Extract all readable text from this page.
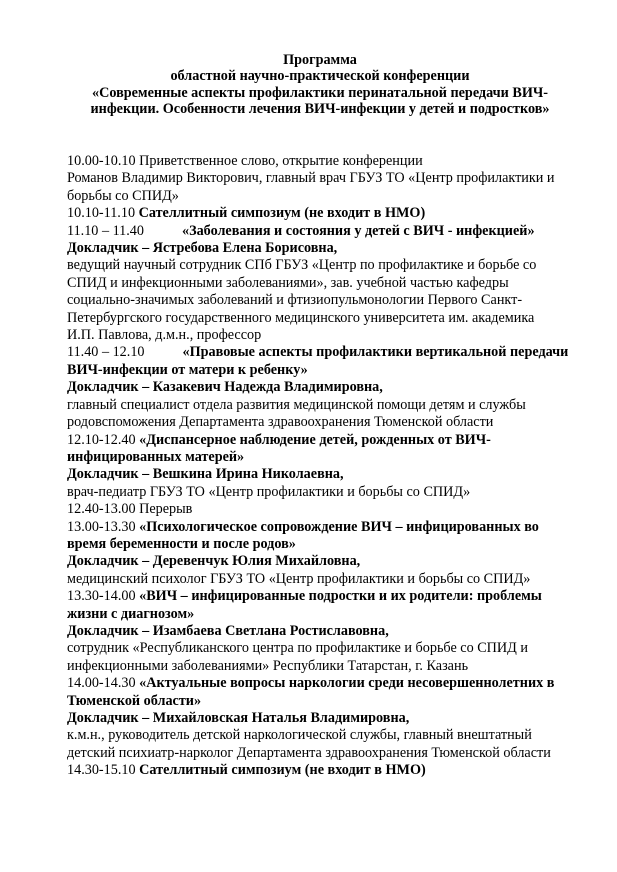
Программа
областной научно-практической конференции
«Современные аспекты профилактики перинатальной передачи ВИЧ-
инфекции. Особенности лечения ВИЧ-инфекции у детей и подростков»
10.00-10.10 Приветственное слово, открытие конференции
Романов Владимир Викторович, главный врач ГБУЗ ТО «Центр профилактики и
борьбы со СПИД»
10.10-11.10 Сателлитный симпозиум (не входит в НМО)
11.10 – 11.40	«Заболевания и состояния у детей с ВИЧ - инфекцией»
Докладчик – Ястребова Елена Борисовна,
ведущий научный сотрудник СПб ГБУЗ «Центр по профилактике и борьбе со
СПИД и инфекционными заболеваниями», зав. учебной частью кафедры
социально-значимых заболеваний и фтизиопульмонологии Первого Санкт-
Петербургского государственного медицинского университета им. академика
И.П. Павлова, д.м.н., профессор
11.40 – 12.10	«Правовые аспекты профилактики вертикальной передачи
ВИЧ-инфекции от матери к ребенку»
Докладчик – Казакевич Надежда Владимировна,
главный специалист отдела развития медицинской помощи детям и службы
родовспоможения Департамента здравоохранения Тюменской области
12.10-12.40 «Диспансерное наблюдение детей, рожденных от ВИЧ-
инфицированных матерей»
Докладчик – Вешкина Ирина Николаевна,
врач-педиатр ГБУЗ ТО «Центр профилактики и борьбы со СПИД»
12.40-13.00 Перерыв
13.00-13.30 «Психологическое сопровождение ВИЧ – инфицированных во
время беременности и после родов»
Докладчик – Деревенчук Юлия Михайловна,
медицинский психолог ГБУЗ ТО «Центр профилактики и борьбы со СПИД»
13.30-14.00 «ВИЧ – инфицированные подростки и их родители: проблемы
жизни с диагнозом»
Докладчик – Изамбаева Светлана Ростиславовна,
сотрудник «Республиканского центра по профилактике и борьбе со СПИД и
инфекционными заболеваниями» Республики Татарстан, г. Казань
14.00-14.30 «Актуальные вопросы наркологии среди несовершеннолетних в
Тюменской области»
Докладчик – Михайловская Наталья Владимировна,
к.м.н., руководитель детской наркологической службы, главный внештатный
детский психиатр-нарколог Департамента здравоохранения Тюменской области
14.30-15.10 Сателлитный симпозиум (не входит в НМО)
